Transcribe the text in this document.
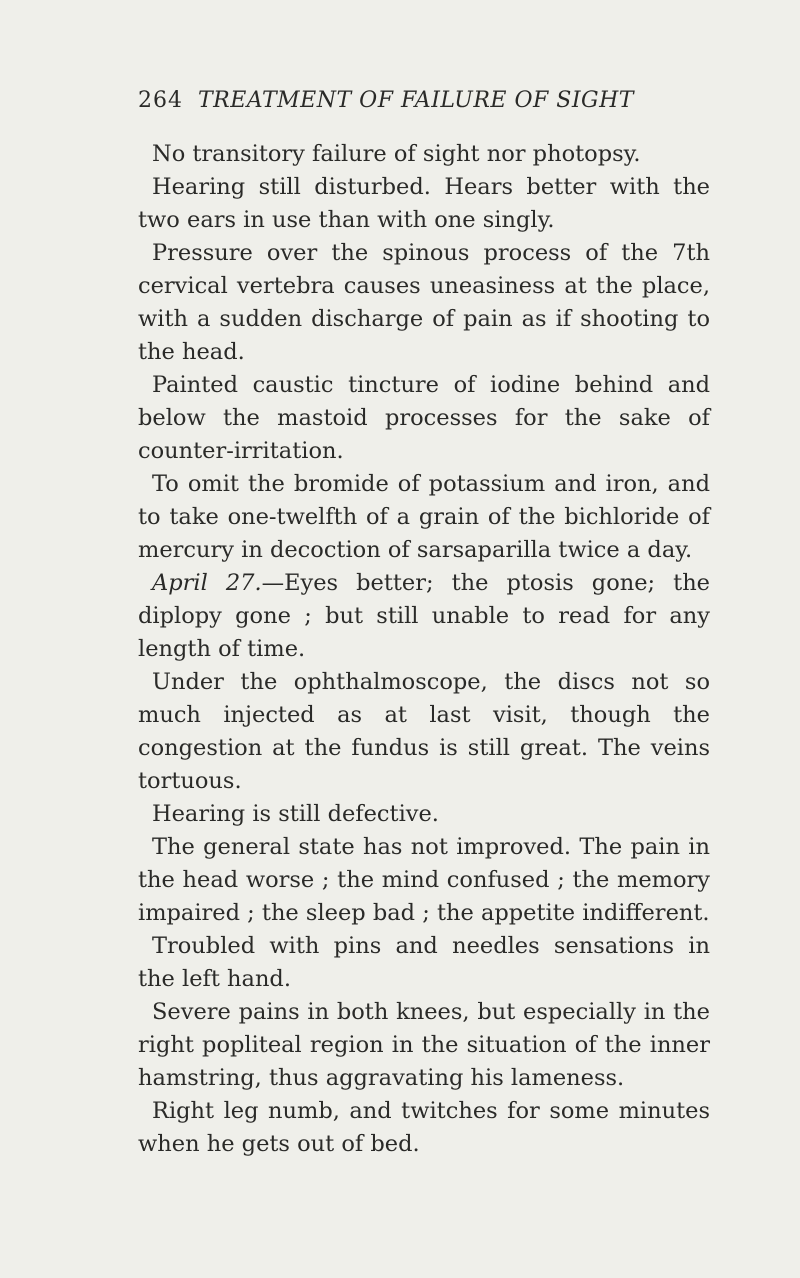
264 TREATMENT OF FAILURE OF SIGHT

No transitory failure of sight nor photopsy.

Hearing still disturbed. Hears better with the two ears in use than with one singly.

Pressure over the spinous process of the 7th cervical vertebra causes uneasiness at the place, with a sudden discharge of pain as if shooting to the head.

Painted caustic tincture of iodine behind and below the mastoid processes for the sake of counter-irritation.

To omit the bromide of potassium and iron, and to take one-twelfth of a grain of the bichloride of mercury in decoction of sarsaparilla twice a day.

April 27.—Eyes better; the ptosis gone; the diplopy gone ; but still unable to read for any length of time.

Under the ophthalmoscope, the discs not so much injected as at last visit, though the congestion at the fundus is still great. The veins tortuous.

Hearing is still defective.

The general state has not improved. The pain in the head worse ; the mind confused ; the memory impaired ; the sleep bad ; the appetite indifferent.

Troubled with pins and needles sensations in the left hand.

Severe pains in both knees, but especially in the right popliteal region in the situation of the inner hamstring, thus aggravating his lameness.

Right leg numb, and twitches for some minutes when he gets out of bed.
